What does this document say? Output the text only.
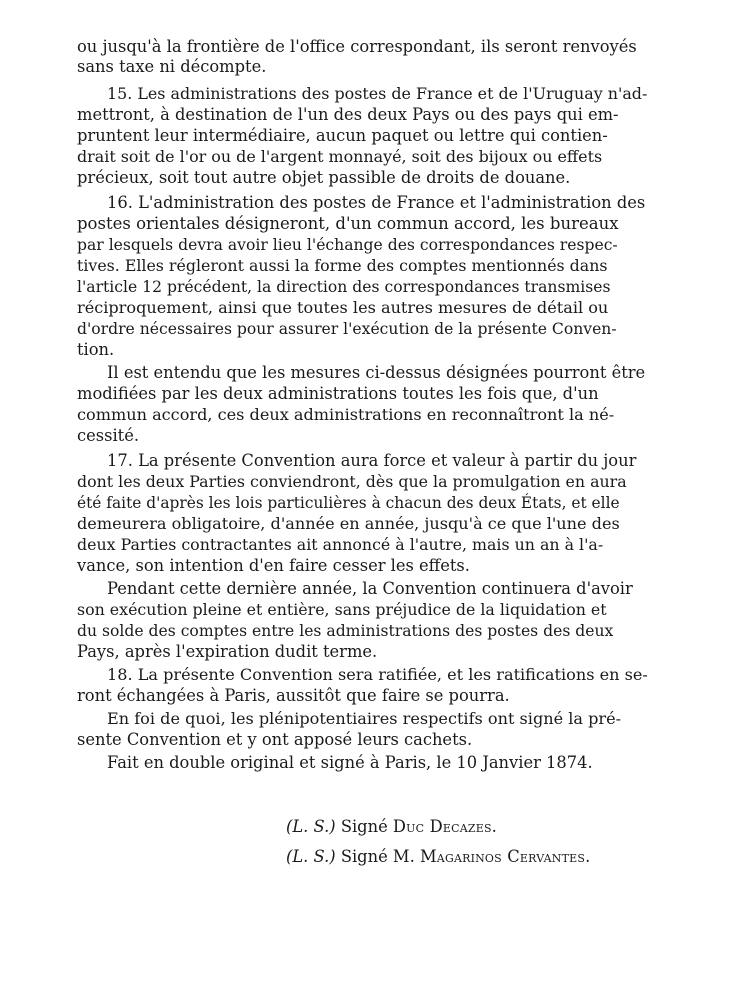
ou jusqu'à la frontière de l'office correspondant, ils seront renvoyés
sans taxe ni décompte.
15. Les administrations des postes de France et de l'Uruguay n'ad-
mettront, à destination de l'un des deux Pays ou des pays qui em-
pruntent leur intermédiaire, aucun paquet ou lettre qui contien-
drait soit de l'or ou de l'argent monnayé, soit des bijoux ou effets
précieux, soit tout autre objet passible de droits de douane.
16. L'administration des postes de France et l'administration des
postes orientales désigneront, d'un commun accord, les bureaux
par lesquels devra avoir lieu l'échange des correspondances respec-
tives. Elles régleront aussi la forme des comptes mentionnés dans
l'article 12 précédent, la direction des correspondances transmises
réciproquement, ainsi que toutes les autres mesures de détail ou
d'ordre nécessaires pour assurer l'exécution de la présente Conven-
tion.
Il est entendu que les mesures ci-dessus désignées pourront être
modifiées par les deux administrations toutes les fois que, d'un
commun accord, ces deux administrations en reconnaîtront la né-
cessité.
17. La présente Convention aura force et valeur à partir du jour
dont les deux Parties conviendront, dès que la promulgation en aura
été faite d'après les lois particulières à chacun des deux États, et elle
demeurera obligatoire, d'année en année, jusqu'à ce que l'une des
deux Parties contractantes ait annoncé à l'autre, mais un an à l'a-
vance, son intention d'en faire cesser les effets.
Pendant cette dernière année, la Convention continuera d'avoir
son exécution pleine et entière, sans préjudice de la liquidation et
du solde des comptes entre les administrations des postes des deux
Pays, après l'expiration dudit terme.
18. La présente Convention sera ratifiée, et les ratifications en se-
ront échangées à Paris, aussitôt que faire se pourra.
En foi de quoi, les plénipotentiaires respectifs ont signé la pré-
sente Convention et y ont apposé leurs cachets.
Fait en double original et signé à Paris, le 10 Janvier 1874.
(L. S.) Signé Duc Decazes.
(L. S.) Signé M. Magarinos Cervantes.
